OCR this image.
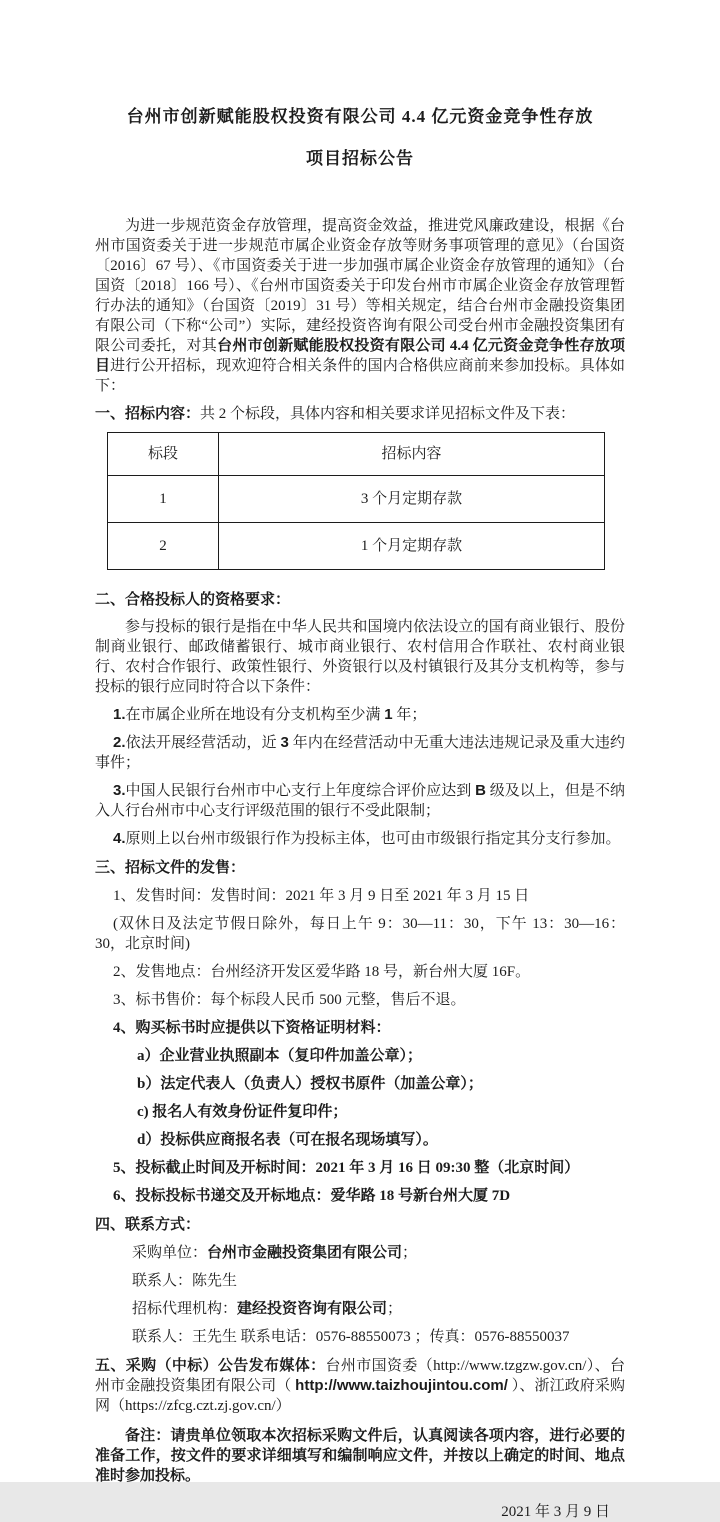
台州市创新赋能股权投资有限公司 4.4 亿元资金竞争性存放
项目招标公告

为进一步规范资金存放管理，提高资金效益，推进党风廉政建设，根据《台州市国资委关于进一步规范市属企业资金存放等财务事项管理的意见》（台国资〔2016〕67 号）、《市国资委关于进一步加强市属企业资金存放管理的通知》（台国资〔2018〕166 号）、《台州市国资委关于印发台州市市属企业资金存放管理暂行办法的通知》（台国资〔2019〕31 号）等相关规定，结合台州市金融投资集团有限公司（下称“公司”）实际，建经投资咨询有限公司受台州市金融投资集团有限公司委托，对其台州市创新赋能股权投资有限公司 4.4 亿元资金竞争性存放项目进行公开招标，现欢迎符合相关条件的国内合格供应商前来参加投标。具体如下：

一、招标内容：共 2 个标段，具体内容和相关要求详见招标文件及下表：

标段	招标内容
1	3 个月定期存款
2	1 个月定期存款

二、合格投标人的资格要求：

参与投标的银行是指在中华人民共和国境内依法设立的国有商业银行、股份制商业银行、邮政储蓄银行、城市商业银行、农村信用合作联社、农村商业银行、农村合作银行、政策性银行、外资银行以及村镇银行及其分支机构等，参与投标的银行应同时符合以下条件：

1.在市属企业所在地设有分支机构至少满 1 年；

2.依法开展经营活动，近 3 年内在经营活动中无重大违法违规记录及重大违约事件；

3.中国人民银行台州市中心支行上年度综合评价应达到 B 级及以上，但是不纳入人行台州市中心支行评级范围的银行不受此限制；

4.原则上以台州市级银行作为投标主体，也可由市级银行指定其分支行参加。

三、招标文件的发售：

1、发售时间：发售时间：2021 年 3 月 9 日至 2021 年 3 月 15 日

(双休日及法定节假日除外，每日上午 9：30—11：30，下午 13：30—16：30，北京时间)

2、发售地点：台州经济开发区爱华路 18 号，新台州大厦 16F。

3、标书售价：每个标段人民币 500 元整，售后不退。

4、购买标书时应提供以下资格证明材料：

a）企业营业执照副本（复印件加盖公章）；

b）法定代表人（负责人）授权书原件（加盖公章）；

c) 报名人有效身份证件复印件；

d）投标供应商报名表（可在报名现场填写）。

5、投标截止时间及开标时间：2021 年 3 月 16 日 09:30 整（北京时间）

6、投标投标书递交及开标地点：爱华路 18 号新台州大厦 7D

四、联系方式：

采购单位：台州市金融投资集团有限公司；

联系人：陈先生

招标代理机构：建经投资咨询有限公司；

联系人：王先生 联系电话：0576-88550073 ；传真：0576-88550037

五、采购（中标）公告发布媒体：台州市国资委（http://www.tzgzw.gov.cn/）、台州市金融投资集团有限公司（ http://www.taizhoujintou.com/ ）、浙江政府采购网（https://zfcg.czt.zj.gov.cn/）

备注：请贵单位领取本次招标采购文件后，认真阅读各项内容，进行必要的准备工作，按文件的要求详细填写和编制响应文件，并按以上确定的时间、地点准时参加投标。

2021 年 3 月 9 日
